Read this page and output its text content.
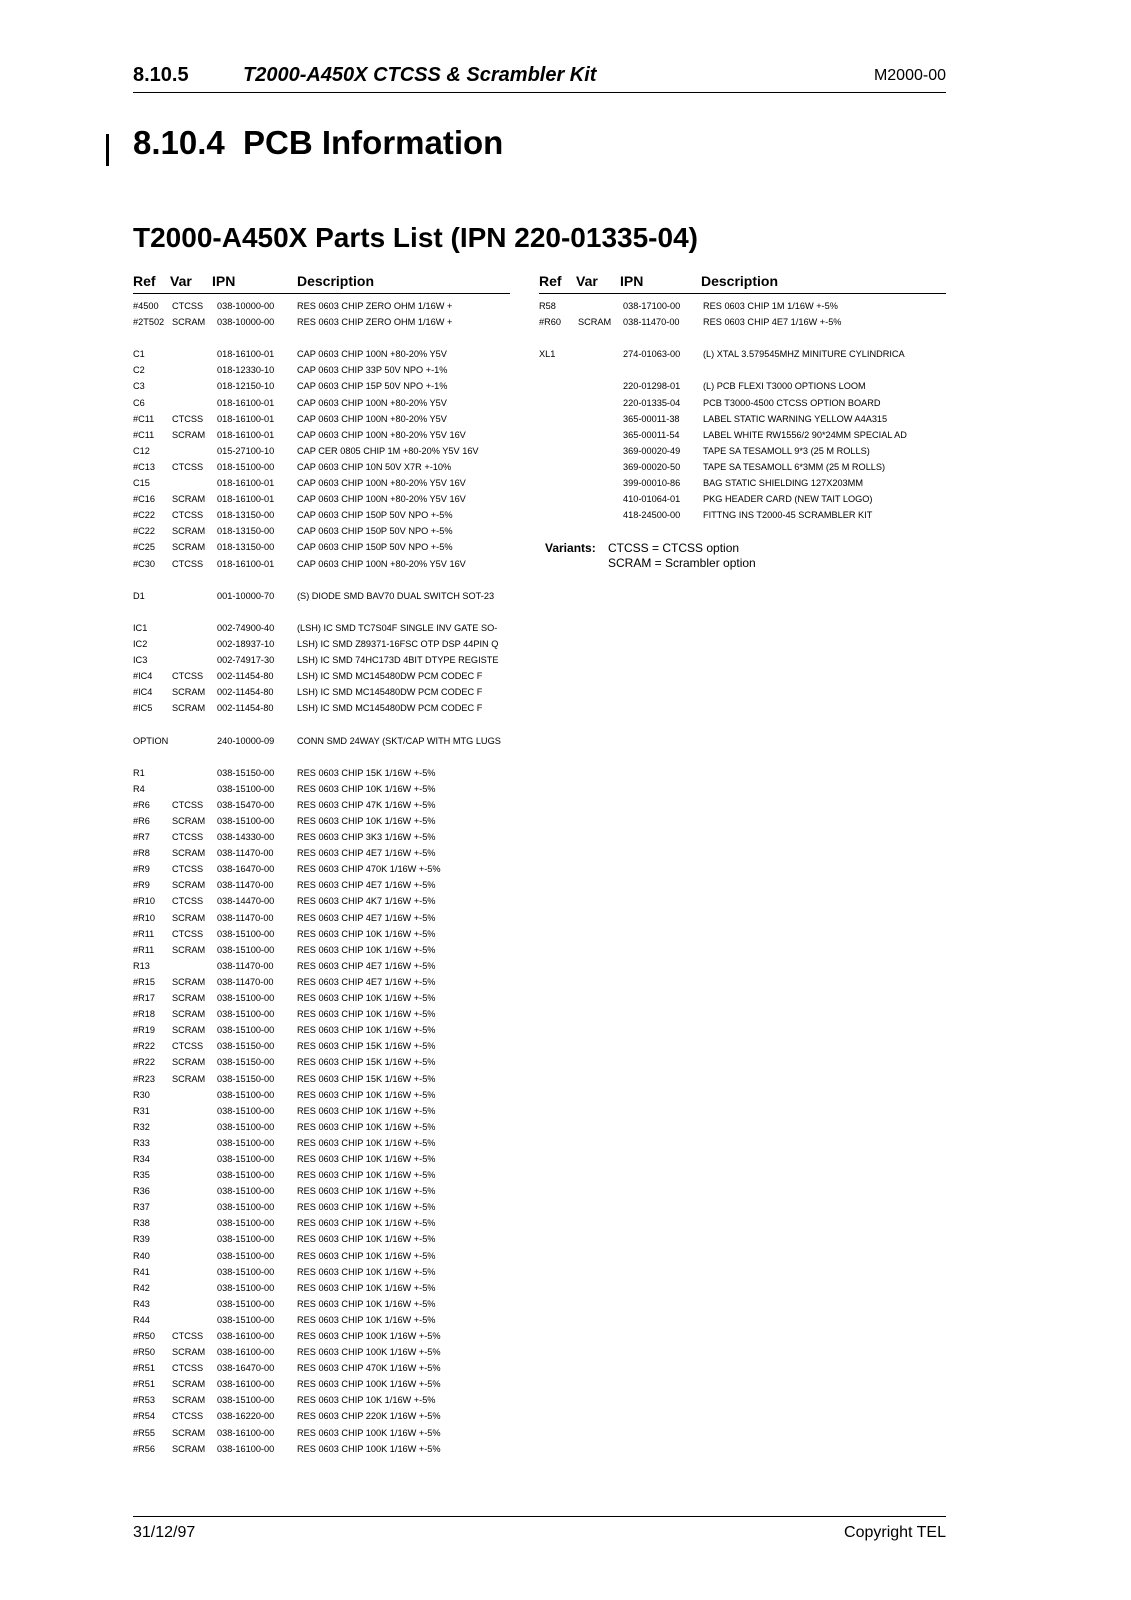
8.10.5	T2000-A450X CTCSS & Scrambler Kit	M2000-00
8.10.4 PCB Information
T2000-A450X Parts List (IPN 220-01335-04)
Ref Var IPN	Description	Ref Var IPN	Description
#4500 CTCSS 038-10000-00 RES 0603 CHIP ZERO OHM 1/16W +
#2T502 SCRAM 038-10000-00 RES 0603 CHIP ZERO OHM 1/16W +
C1	018-16100-01 CAP 0603 CHIP 100N +80-20% Y5V
C2	018-12330-10 CAP 0603 CHIP 33P 50V NPO +-1%
C3	018-12150-10 CAP 0603 CHIP 15P 50V NPO +-1%
C6	018-16100-01 CAP 0603 CHIP 100N +80-20% Y5V
#C11 CTCSS 018-16100-01 CAP 0603 CHIP 100N +80-20% Y5V
#C11 SCRAM 018-16100-01 CAP 0603 CHIP 100N +80-20% Y5V 16V
C12	015-27100-10 CAP CER 0805 CHIP 1M +80-20% Y5V 16V
#C13 CTCSS 018-15100-00 CAP 0603 CHIP 10N 50V X7R +-10%
C15	018-16100-01 CAP 0603 CHIP 100N +80-20% Y5V 16V
#C16 SCRAM 018-16100-01 CAP 0603 CHIP 100N +80-20% Y5V 16V
#C22 CTCSS 018-13150-00 CAP 0603 CHIP 150P 50V NPO +-5%
#C22 SCRAM 018-13150-00 CAP 0603 CHIP 150P 50V NPO +-5%
#C25 SCRAM 018-13150-00 CAP 0603 CHIP 150P 50V NPO +-5%
#C30 CTCSS 018-16100-01 CAP 0603 CHIP 100N +80-20% Y5V 16V
D1	001-10000-70 (S) DIODE SMD BAV70 DUAL SWITCH SOT-23
IC1	002-74900-40 (LSH) IC SMD TC7S04F SINGLE INV GATE SO-
IC2	002-18937-10 LSH) IC SMD Z89371-16FSC OTP DSP 44PIN Q
IC3	002-74917-30 LSH) IC SMD 74HC173D 4BIT DTYPE REGISTE
#IC4 CTCSS 002-11454-80	LSH) IC SMD MC145480DW PCM CODEC F
#IC4 SCRAM 002-11454-80	LSH) IC SMD MC145480DW PCM CODEC F
#IC5 SCRAM 002-11454-80	LSH) IC SMD MC145480DW PCM CODEC F
OPTION	240-10000-09 CONN SMD 24WAY (SKT/CAP WITH MTG LUGS
R1	038-15150-00 RES 0603 CHIP 15K 1/16W +-5%
R4	038-15100-00 RES 0603 CHIP 10K 1/16W +-5%
#R6 CTCSS 038-15470-00 RES 0603 CHIP 47K 1/16W +-5%
#R6 SCRAM 038-15100-00 RES 0603 CHIP 10K 1/16W +-5%
#R7 CTCSS 038-14330-00 RES 0603 CHIP 3K3 1/16W +-5%
#R8 SCRAM 038-11470-00	RES 0603 CHIP 4E7 1/16W +-5%
#R9 CTCSS 038-16470-00 RES 0603 CHIP 470K 1/16W +-5%
#R9 SCRAM 038-11470-00	RES 0603 CHIP 4E7 1/16W +-5%
#R10 CTCSS 038-14470-00 RES 0603 CHIP 4K7 1/16W +-5%
#R10 SCRAM 038-11470-00	RES 0603 CHIP 4E7 1/16W +-5%
#R11 CTCSS 038-15100-00 RES 0603 CHIP 10K 1/16W +-5%
#R11 SCRAM 038-15100-00 RES 0603 CHIP 10K 1/16W +-5%
R13	038-11470-00	RES 0603 CHIP 4E7 1/16W +-5%
#R15 SCRAM 038-11470-00	RES 0603 CHIP 4E7 1/16W +-5%
#R17 SCRAM 038-15100-00 RES 0603 CHIP 10K 1/16W +-5%
#R18 SCRAM 038-15100-00 RES 0603 CHIP 10K 1/16W +-5%
#R19 SCRAM 038-15100-00 RES 0603 CHIP 10K 1/16W +-5%
#R22 CTCSS 038-15150-00 RES 0603 CHIP 15K 1/16W +-5%
#R22 SCRAM 038-15150-00 RES 0603 CHIP 15K 1/16W +-5%
#R23 SCRAM 038-15150-00 RES 0603 CHIP 15K 1/16W +-5%
R30	038-15100-00 RES 0603 CHIP 10K 1/16W +-5%
R31	038-15100-00 RES 0603 CHIP 10K 1/16W +-5%
R32	038-15100-00 RES 0603 CHIP 10K 1/16W +-5%
R33	038-15100-00 RES 0603 CHIP 10K 1/16W +-5%
R34	038-15100-00 RES 0603 CHIP 10K 1/16W +-5%
R35	038-15100-00 RES 0603 CHIP 10K 1/16W +-5%
R36	038-15100-00 RES 0603 CHIP 10K 1/16W +-5%
R37	038-15100-00 RES 0603 CHIP 10K 1/16W +-5%
R38	038-15100-00 RES 0603 CHIP 10K 1/16W +-5%
R39	038-15100-00 RES 0603 CHIP 10K 1/16W +-5%
R40	038-15100-00 RES 0603 CHIP 10K 1/16W +-5%
R41	038-15100-00 RES 0603 CHIP 10K 1/16W +-5%
R42	038-15100-00 RES 0603 CHIP 10K 1/16W +-5%
R43	038-15100-00 RES 0603 CHIP 10K 1/16W +-5%
R44	038-15100-00 RES 0603 CHIP 10K 1/16W +-5%
#R50 CTCSS 038-16100-00 RES 0603 CHIP 100K 1/16W +-5%
#R50 SCRAM 038-16100-00 RES 0603 CHIP 100K 1/16W +-5%
#R51 CTCSS 038-16470-00 RES 0603 CHIP 470K 1/16W +-5%
#R51 SCRAM 038-16100-00 RES 0603 CHIP 100K 1/16W +-5%
#R53 SCRAM 038-15100-00 RES 0603 CHIP 10K 1/16W +-5%
#R54 CTCSS 038-16220-00 RES 0603 CHIP 220K 1/16W +-5%
#R55 SCRAM 038-16100-00 RES 0603 CHIP 100K 1/16W +-5%
#R56 SCRAM 038-16100-00 RES 0603 CHIP 100K 1/16W +-5%
R58	038-17100-00 RES 0603 CHIP 1M 1/16W +-5%
#R60 SCRAM 038-11470-00	RES 0603 CHIP 4E7 1/16W +-5%
XL1	274-01063-00 (L) XTAL 3.579545MHZ MINITURE CYLINDRICA
220-01298-01 (L) PCB FLEXI T3000 OPTIONS LOOM
220-01335-04 PCB T3000-4500 CTCSS OPTION BOARD
365-00011-38	LABEL STATIC WARNING YELLOW A4A315
365-00011-54	LABEL WHITE RW1556/2 90*24MM SPECIAL AD
369-00020-49 TAPE SA TESAMOLL 9*3 (25 M ROLLS)
369-00020-50 TAPE SA TESAMOLL 6*3MM (25 M ROLLS)
399-00010-86 BAG STATIC SHIELDING 127X203MM
410-01064-01 PKG HEADER CARD (NEW TAIT LOGO)
418-24500-00 FITTNG INS T2000-45 SCRAMBLER KIT
Variants: CTCSS = CTCSS option
SCRAM = Scrambler option
31/12/97	Copyright TEL
